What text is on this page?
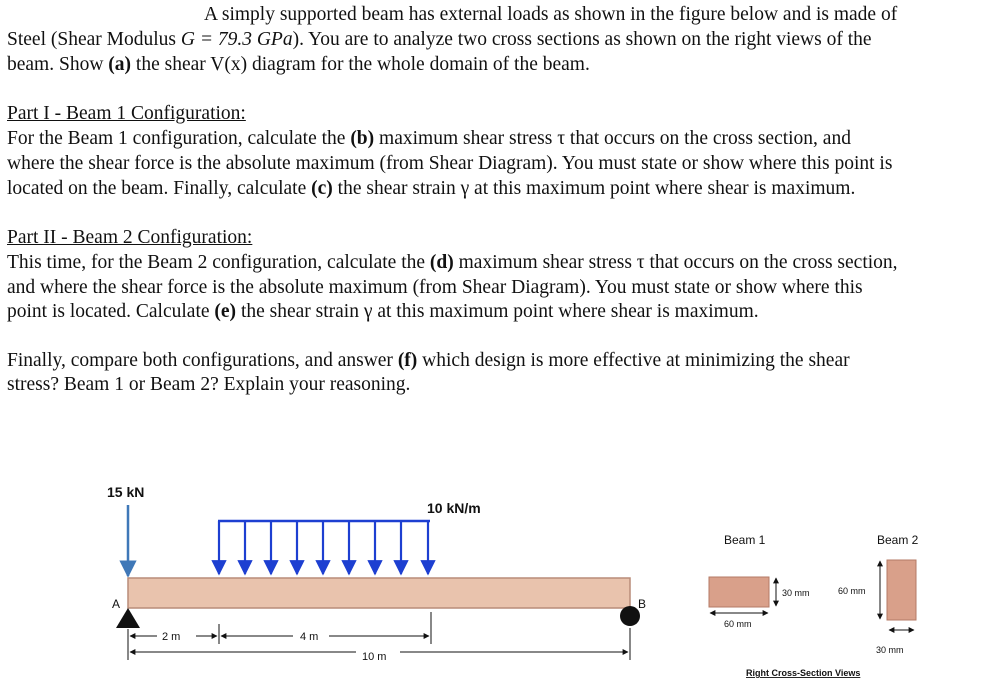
A simply supported beam has external loads as shown in the figure below and is made of
Steel (Shear Modulus G = 79.3 GPa). You are to analyze two cross sections as shown on the right views of the
beam. Show (a) the shear V(x) diagram for the whole domain of the beam.
Part I - Beam 1 Configuration:
For the Beam 1 configuration, calculate the (b) maximum shear stress τ that occurs on the cross section, and
where the shear force is the absolute maximum (from Shear Diagram). You must state or show where this point is
located on the beam. Finally, calculate (c) the shear strain γ at this maximum point where shear is maximum.
Part II - Beam 2 Configuration:
This time, for the Beam 2 configuration, calculate the (d) maximum shear stress τ that occurs on the cross section,
and where the shear force is the absolute maximum (from Shear Diagram). You must state or show where this
point is located. Calculate (e) the shear strain γ at this maximum point where shear is maximum.
Finally, compare both configurations, and answer (f) which design is more effective at minimizing the shear
stress? Beam 1 or Beam 2? Explain your reasoning.
15 kN
10 kN/m
A	B
2 m	4 m
10 m
Beam 1	Beam 2
30 mm
60 mm
60 mm
30 mm
Right Cross-Section Views
